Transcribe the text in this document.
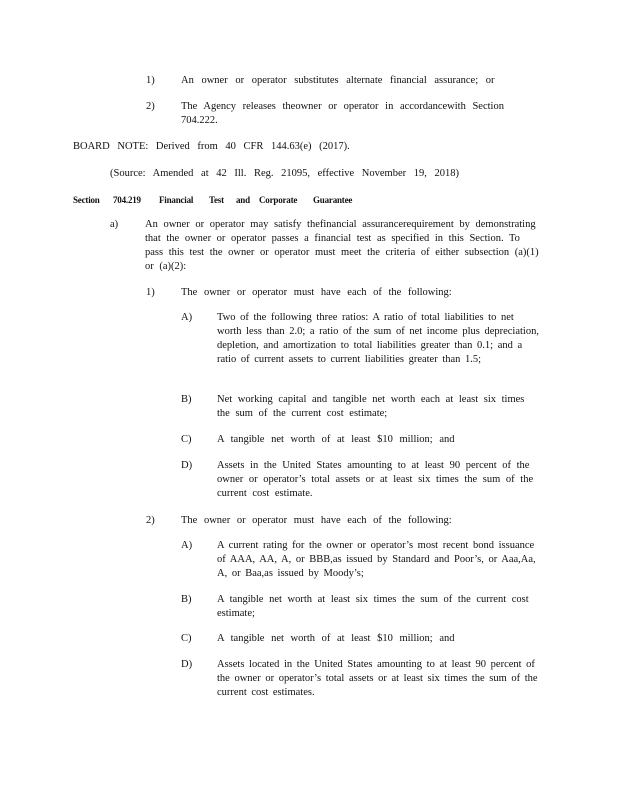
1)	An owner or operator substitutes alternate financial assurance; or
2)	The Agency releases theowner or operator in accordancewith Section 704.222.
BOARD NOTE: Derived from 40 CFR 144.63(e) (2017).
(Source: Amended at 42 Ill. Reg. 21095, effective November 19, 2018)
Section 704.219 Financial Test and Corporate Guarantee
a)	An owner or operator may satisfy thefinancial assurancerequirement by demonstrating that the owner or operator passes a financial test as specified in this Section. To pass this test the owner or operator must meet the criteria of either subsection (a)(1) or (a)(2):
1)	The owner or operator must have each of the following:
A) Two of the following three ratios: A ratio of total liabilities to net worth less than 2.0; a ratio of the sum of net income plus depreciation, depletion, and amortization to total liabilities greater than 0.1; and a ratio of current assets to current liabilities greater than 1.5;
B) Net working capital and tangible net worth each at least six times the sum of the current cost estimate;
C) A tangible net worth of at least $10 million; and
D) Assets in the United States amounting to at least 90 percent of the owner or operator’s total assets or at least six times the sum of the current cost estimate.
2)	The owner or operator must have each of the following:
A) A current rating for the owner or operator’s most recent bond issuance of AAA, AA, A, or BBB,as issued by Standard and Poor’s, or Aaa,Aa, A, or Baa,as issued by Moody’s;
B) A tangible net worth at least six times the sum of the current cost estimate;
C) A tangible net worth of at least $10 million; and
D) Assets located in the United States amounting to at least 90 percent of the owner or operator’s total assets or at least six times the sum of the current cost estimates.
